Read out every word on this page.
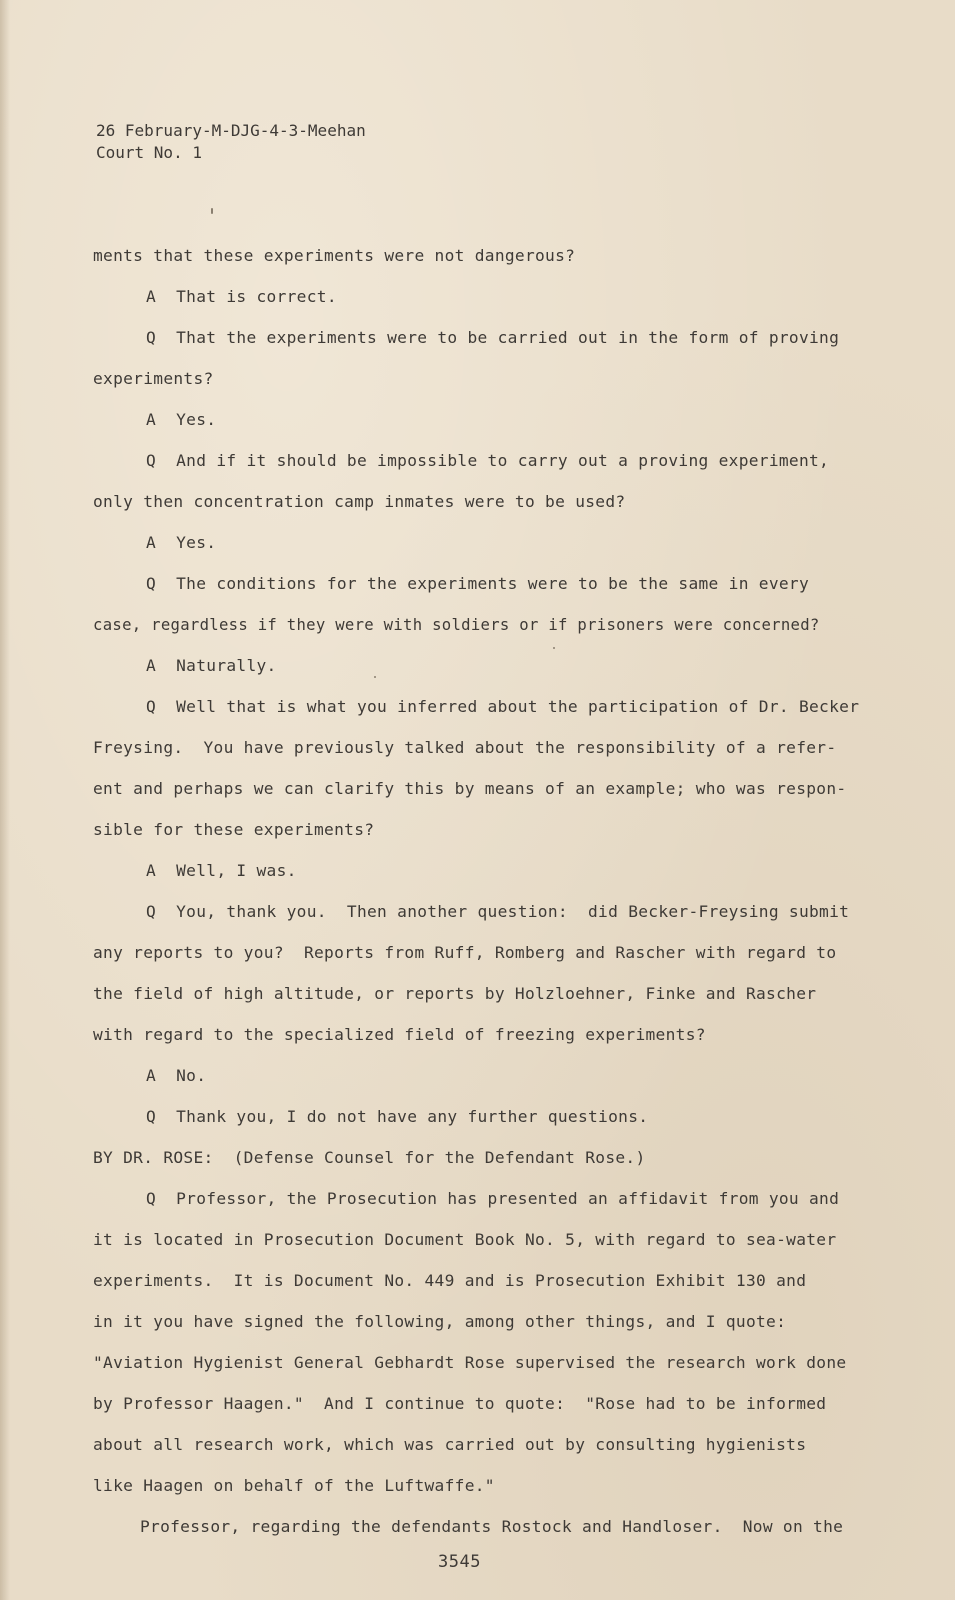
26 February-M-DJG-4-3-Meehan
Court No. 1
ments that these experiments were not dangerous?
A  That is correct.
Q  That the experiments were to be carried out in the form of proving
experiments?
A  Yes.
Q  And if it should be impossible to carry out a proving experiment,
only then concentration camp inmates were to be used?
A  Yes.
Q  The conditions for the experiments were to be the same in every
case, regardless if they were with soldiers or if prisoners were concerned?
A  Naturally.
Q  Well that is what you inferred about the participation of Dr. Becker
Freysing.  You have previously talked about the responsibility of a refer-
ent and perhaps we can clarify this by means of an example; who was respon-
sible for these experiments?
A  Well, I was.
Q  You, thank you.  Then another question:  did Becker-Freysing submit
any reports to you?  Reports from Ruff, Romberg and Rascher with regard to
the field of high altitude, or reports by Holzloehner, Finke and Rascher
with regard to the specialized field of freezing experiments?
A  No.
Q  Thank you, I do not have any further questions.
BY DR. ROSE:  (Defense Counsel for the Defendant Rose.)
Q  Professor, the Prosecution has presented an affidavit from you and
it is located in Prosecution Document Book No. 5, with regard to sea-water
experiments.  It is Document No. 449 and is Prosecution Exhibit 130 and
in it you have signed the following, among other things, and I quote:
"Aviation Hygienist General Gebhardt Rose supervised the research work done
by Professor Haagen."  And I continue to quote:  "Rose had to be informed
about all research work, which was carried out by consulting hygienists
like Haagen on behalf of the Luftwaffe."
Professor, regarding the defendants Rostock and Handloser.  Now on the
3545
